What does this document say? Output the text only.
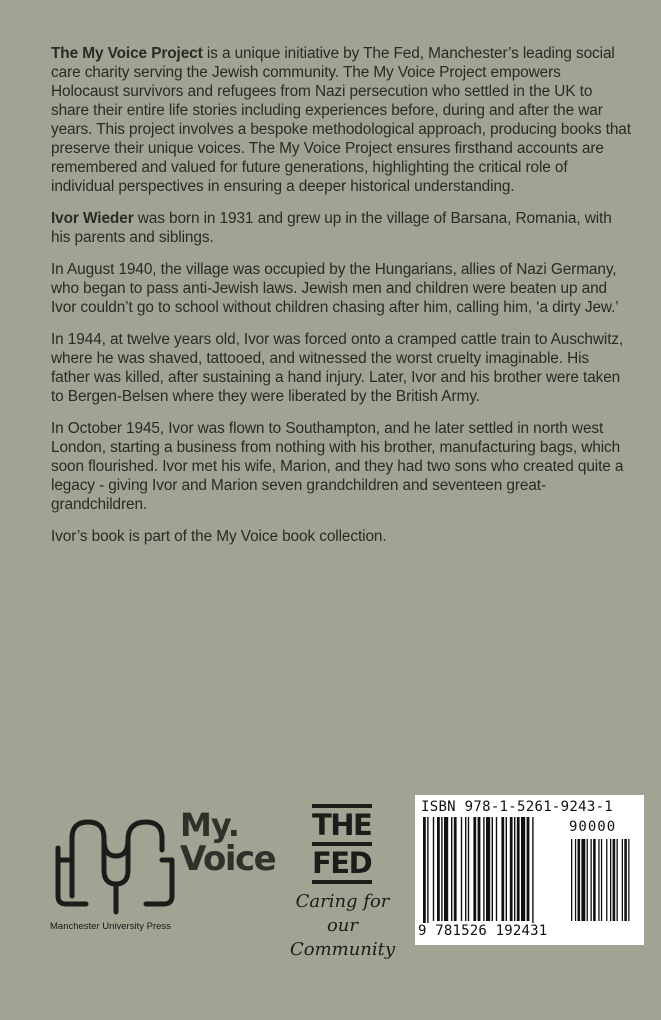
The My Voice Project is a unique initiative by The Fed, Manchester’s leading social care charity serving the Jewish community. The My Voice Project empowers Holocaust survivors and refugees from Nazi persecution who settled in the UK to share their entire life stories including experiences before, during and after the war years. This project involves a bespoke methodological approach, producing books that preserve their unique voices. The My Voice Project ensures firsthand accounts are remembered and valued for future generations, highlighting the critical role of individual perspectives in ensuring a deeper historical understanding.

Ivor Wieder was born in 1931 and grew up in the village of Barsana, Romania, with his parents and siblings.

In August 1940, the village was occupied by the Hungarians, allies of Nazi Germany, who began to pass anti-Jewish laws. Jewish men and children were beaten up and Ivor couldn’t go to school without children chasing after him, calling him, ‘a dirty Jew.’

In 1944, at twelve years old, Ivor was forced onto a cramped cattle train to Auschwitz, where he was shaved, tattooed, and witnessed the worst cruelty imaginable. His father was killed, after sustaining a hand injury. Later, Ivor and his brother were taken to Bergen-Belsen where they were liberated by the British Army.

In October 1945, Ivor was flown to Southampton, and he later settled in north west London, starting a business from nothing with his brother, manufacturing bags, which soon flourished. Ivor met his wife, Marion, and they had two sons who created quite a legacy - giving Ivor and Marion seven grandchildren and seventeen great-grandchildren.

Ivor’s book is part of the My Voice book collection.

Manchester University Press
My.
Voice
THE
FED
Caring for our
Community
ISBN 978-1-5261-9243-1
90000
9 781526 192431
